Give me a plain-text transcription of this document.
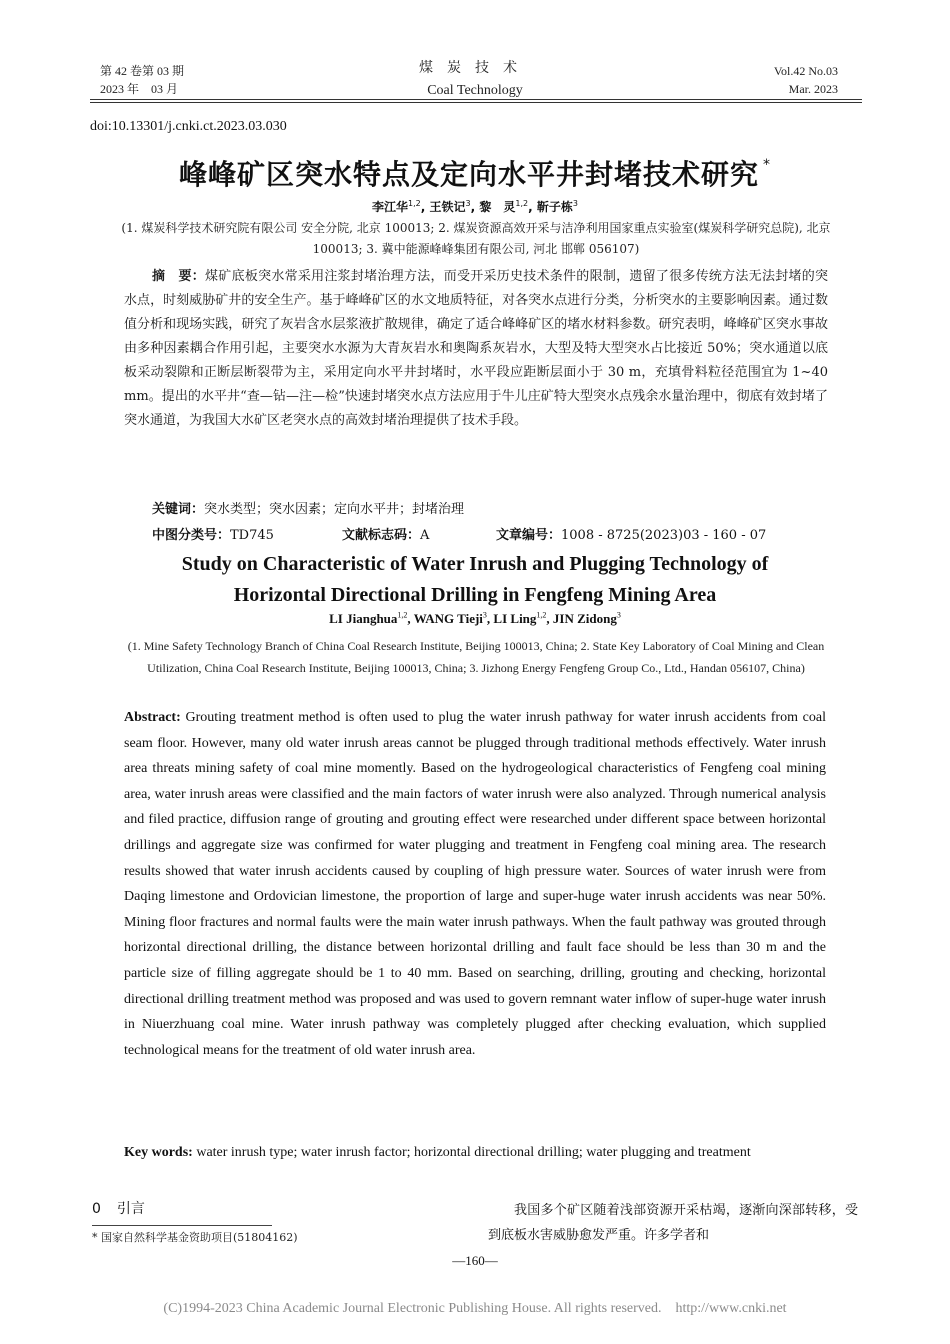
第 42 卷第 03 期
2023 年　03 月
煤炭技术
Coal Technology
Vol.42 No.03
Mar. 2023
doi:10.13301/j.cnki.ct.2023.03.030
峰峰矿区突水特点及定向水平井封堵技术研究 *
李江华$^{1,2}$, 王铁记$^3$, 黎　灵$^{1,2}$, 靳子栋$^3$
(1. 煤炭科学技术研究院有限公司 安全分院, 北京 100013; 2. 煤炭资源高效开采与洁净利用国家重点实验室(煤炭科学研究总院), 北京 100013; 3. 冀中能源峰峰集团有限公司, 河北 邯郸 056107)
摘　要：煤矿底板突水常采用注浆封堵治理方法，而受开采历史技术条件的限制，遗留了很多传统方法无法封堵的突水点，时刻威胁矿井的安全生产。基于峰峰矿区的水文地质特征，对各突水点进行分类，分析突水的主要影响因素。通过数值分析和现场实践，研究了灰岩含水层浆液扩散规律，确定了适合峰峰矿区的堵水材料参数。研究表明，峰峰矿区突水事故由多种因素耦合作用引起，主要突水水源为大青灰岩水和奥陶系灰岩水，大型及特大型突水占比接近 50%；突水通道以底板采动裂隙和正断层断裂带为主，采用定向水平井封堵时，水平段应距断层面小于 30 m，充填骨料粒径范围宜为 1~40 mm。提出的水平井“查—钻—注—检”快速封堵突水点方法应用于牛儿庄矿特大型突水点残余水量治理中，彻底有效封堵了突水通道，为我国大水矿区老突水点的高效封堵治理提供了技术手段。
关键词：突水类型；突水因素；定向水平井；封堵治理
中图分类号：TD745	文献标志码：A	文章编号：1008 - 8725(2023)03 - 160 - 07
Study on Characteristic of Water Inrush and Plugging Technology of
Horizontal Directional Drilling in Fengfeng Mining Area
LI Jianghua$^{1,2}$, WANG Tieji$^3$, LI Ling$^{1,2}$, JIN Zidong$^3$
(1. Mine Safety Technology Branch of China Coal Research Institute, Beijing 100013, China; 2. State Key Laboratory of Coal Mining and Clean Utilization, China Coal Research Institute, Beijing 100013, China; 3. Jizhong Energy Fengfeng Group Co., Ltd., Handan 056107, China)
Abstract: Grouting treatment method is often used to plug the water inrush pathway for water inrush accidents from coal seam floor. However, many old water inrush areas cannot be plugged through traditional methods effectively. Water inrush area threats mining safety of coal mine momently. Based on the hydrogeological characteristics of Fengfeng coal mining area, water inrush areas were classified and the main factors of water inrush were also analyzed. Through numerical analysis and filed practice, diffusion range of grouting and grouting effect were researched under different space between horizontal drillings and aggregate size was confirmed for water plugging and treatment in Fengfeng coal mining area. The research results showed that water inrush accidents caused by coupling of high pressure water. Sources of water inrush were from Daqing limestone and Ordovician limestone, the proportion of large and super-huge water inrush accidents was near 50%. Mining floor fractures and normal faults were the main water inrush pathways. When the fault pathway was grouted through horizontal directional drilling, the distance between horizontal drilling and fault face should be less than 30 m and the particle size of filling aggregate should be 1 to 40 mm. Based on searching, drilling, grouting and checking, horizontal directional drilling treatment method was proposed and was used to govern remnant water inflow of super-huge water inrush in Niuerzhuang coal mine. Water inrush pathway was completely plugged after checking evaluation, which supplied technological means for the treatment of old water inrush area.
Key words: water inrush type; water inrush factor; horizontal directional drilling; water plugging and treatment
0 引言
* 国家自然科学基金资助项目(51804162)
我国多个矿区随着浅部资源开采枯竭，逐渐向深部转移，受到底板水害威胁愈发严重。许多学者和
—160—
(C)1994-2023 China Academic Journal Electronic Publishing House. All rights reserved.　http://www.cnki.net
